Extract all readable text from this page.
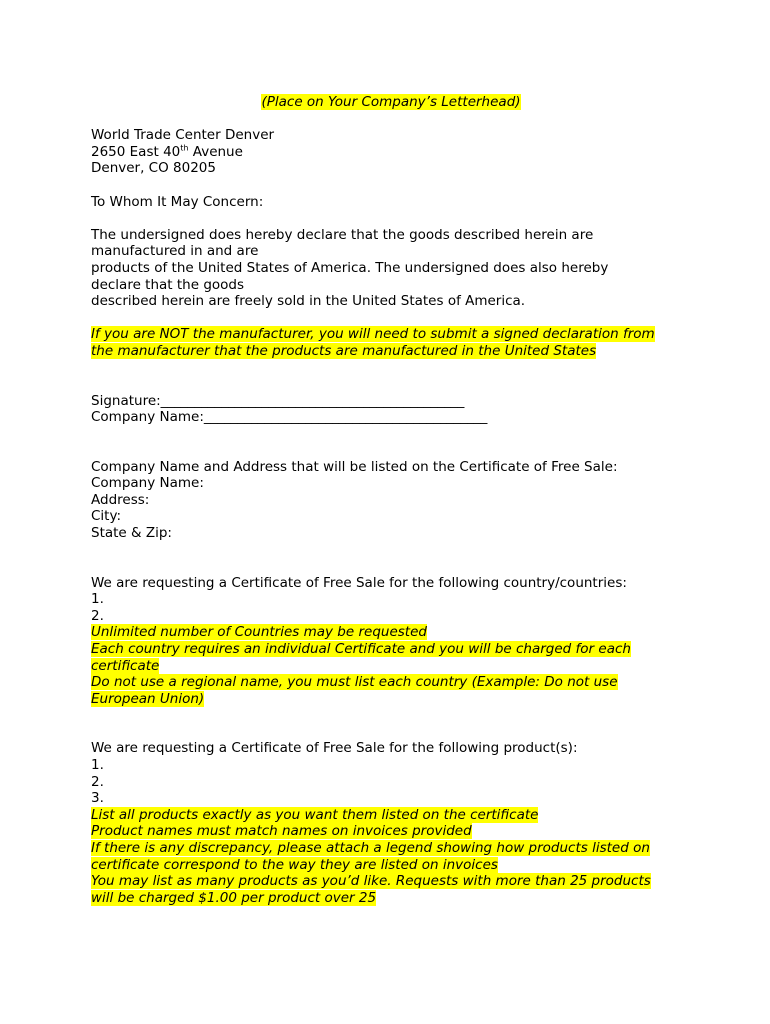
(Place on Your Company’s Letterhead)
World Trade Center Denver
2650 East 40th Avenue
Denver, CO 80205
To Whom It May Concern:
The undersigned does hereby declare that the goods described herein are
manufactured in and are
products of the United States of America. The undersigned does also hereby
declare that the goods
described herein are freely sold in the United States of America.
If you are NOT the manufacturer, you will need to submit a signed declaration from
the manufacturer that the products are manufactured in the United States
Signature:_____________________________________________
Company Name:__________________________________________
Company Name and Address that will be listed on the Certificate of Free Sale:
Company Name:
Address:
City:
State & Zip:
We are requesting a Certificate of Free Sale for the following country/countries:
1.
2.
Unlimited number of Countries may be requested
Each country requires an individual Certificate and you will be charged for each
certificate
Do not use a regional name, you must list each country (Example: Do not use
European Union)
We are requesting a Certificate of Free Sale for the following product(s):
1.
2.
3.
List all products exactly as you want them listed on the certificate
Product names must match names on invoices provided
If there is any discrepancy, please attach a legend showing how products listed on
certificate correspond to the way they are listed on invoices
You may list as many products as you’d like. Requests with more than 25 products
will be charged $1.00 per product over 25
